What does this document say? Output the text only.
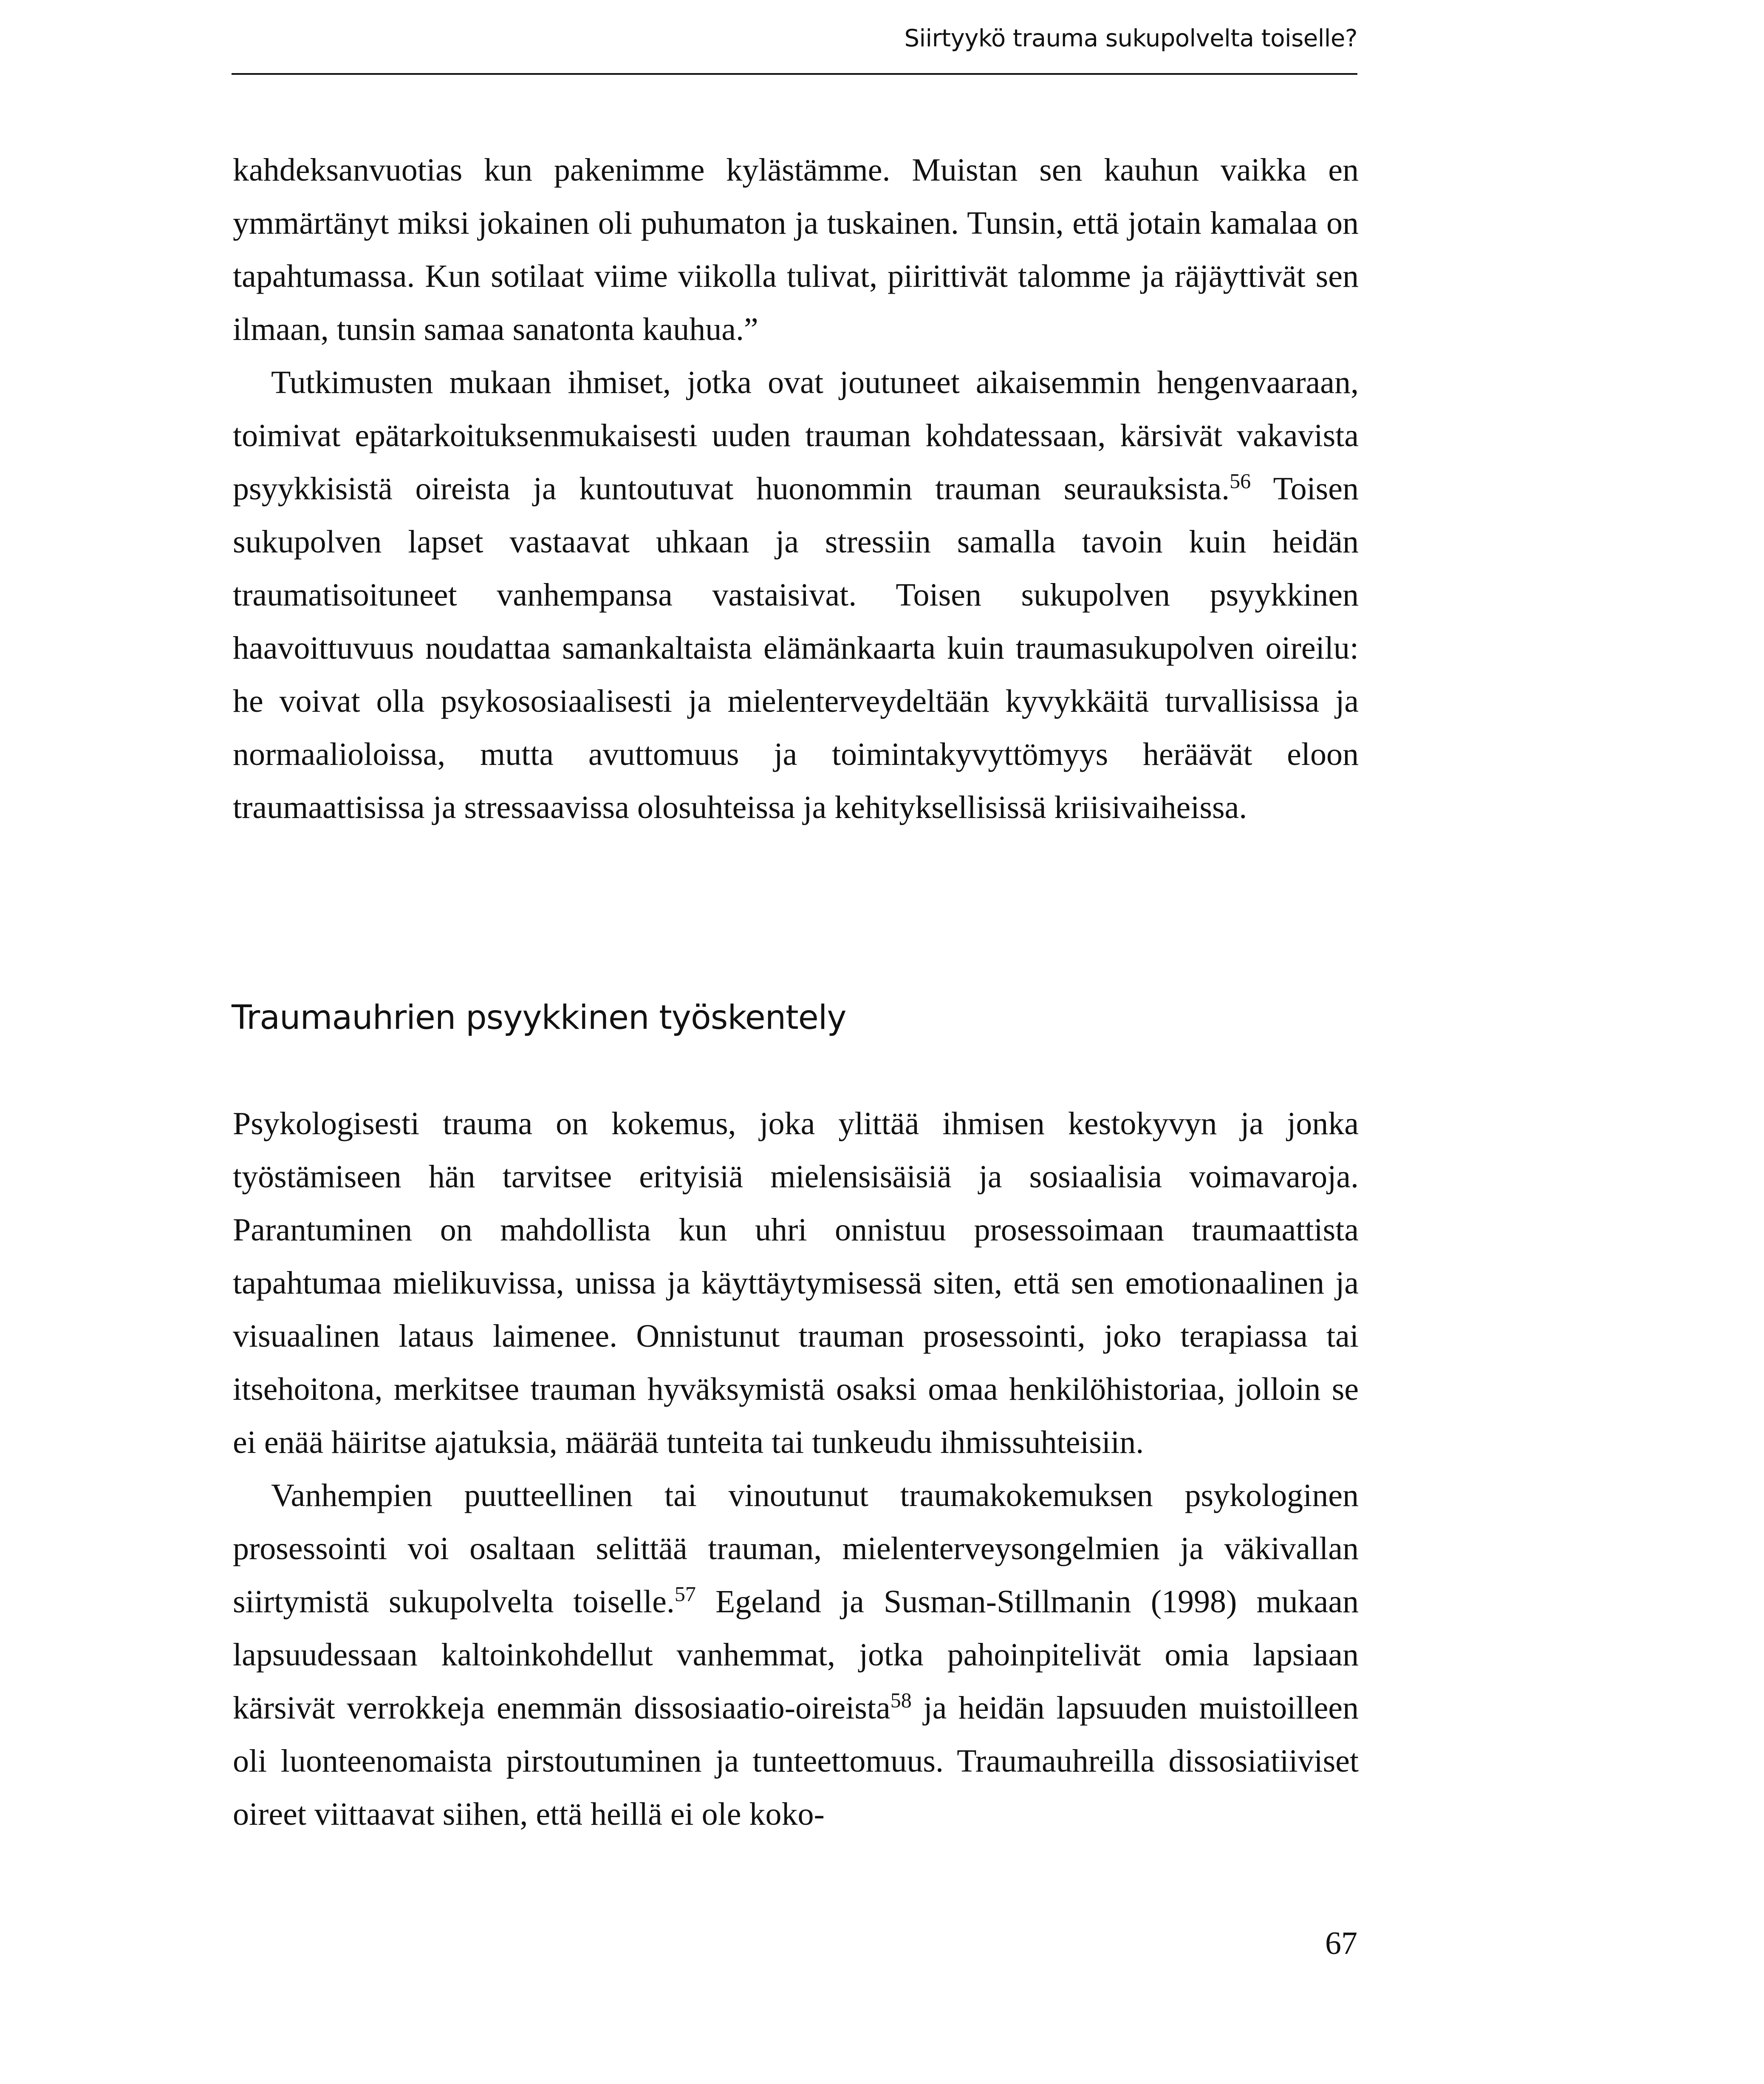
Siirtyykö trauma sukupolvelta toiselle?

kahdeksanvuotias kun pakenimme kylästämme. Muistan sen kauhun vaikka en ymmärtänyt miksi jokainen oli puhumaton ja tuskainen. Tunsin, että jotain kamalaa on tapahtumassa. Kun sotilaat viime viikolla tulivat, piirittivät talomme ja räjäyttivät sen ilmaan, tunsin samaa sanatonta kauhua.”

Tutkimusten mukaan ihmiset, jotka ovat joutuneet aikaisemmin hengenvaaraan, toimivat epätarkoituksenmukaisesti uuden trauman kohdatessaan, kärsivät vakavista psyykkisistä oireista ja kuntoutuvat huonommin trauman seurauksista.$^{56}$ Toisen sukupolven lapset vastaavat uhkaan ja stressiin samalla tavoin kuin heidän traumatisoituneet vanhempansa vastaisivat. Toisen sukupolven psyykkinen haavoittuvuus noudattaa samankaltaista elämänkaarta kuin traumasukupolven oireilu: he voivat olla psykososiaalisesti ja mielenterveydeltään kyvykkäitä turvallisissa ja normaalioloissa, mutta avuttomuus ja toimintakyvyttömyys heräävät eloon traumaattisissa ja stressaavissa olosuhteissa ja kehityksellisissä kriisivaiheissa.

Traumauhrien psyykkinen työskentely

Psykologisesti trauma on kokemus, joka ylittää ihmisen kestokyvyn ja jonka työstämiseen hän tarvitsee erityisiä mielensisäisiä ja sosiaalisia voimavaroja. Parantuminen on mahdollista kun uhri onnistuu prosessoimaan traumaattista tapahtumaa mielikuvissa, unissa ja käyttäytymisessä siten, että sen emotionaalinen ja visuaalinen lataus laimenee. Onnistunut trauman prosessointi, joko terapiassa tai itsehoitona, merkitsee trauman hyväksymistä osaksi omaa henkilöhistoriaa, jolloin se ei enää häiritse ajatuksia, määrää tunteita tai tunkeudu ihmissuhteisiin.

Vanhempien puutteellinen tai vinoutunut traumakokemuksen psykologinen prosessointi voi osaltaan selittää trauman, mielenterveysongelmien ja väkivallan siirtymistä sukupolvelta toiselle.$^{57}$ Egeland ja Susman-Stillmanin (1998) mukaan lapsuudessaan kaltoinkohdellut vanhemmat, jotka pahoinpitelivät omia lapsiaan kärsivät verrokkeja enemmän dissosiaatio-oireista$^{58}$ ja heidän lapsuuden muistoilleen oli luonteenomaista pirstoutuminen ja tunteettomuus. Traumauhreilla dissosiatiiviset oireet viittaavat siihen, että heillä ei ole koko-

67
